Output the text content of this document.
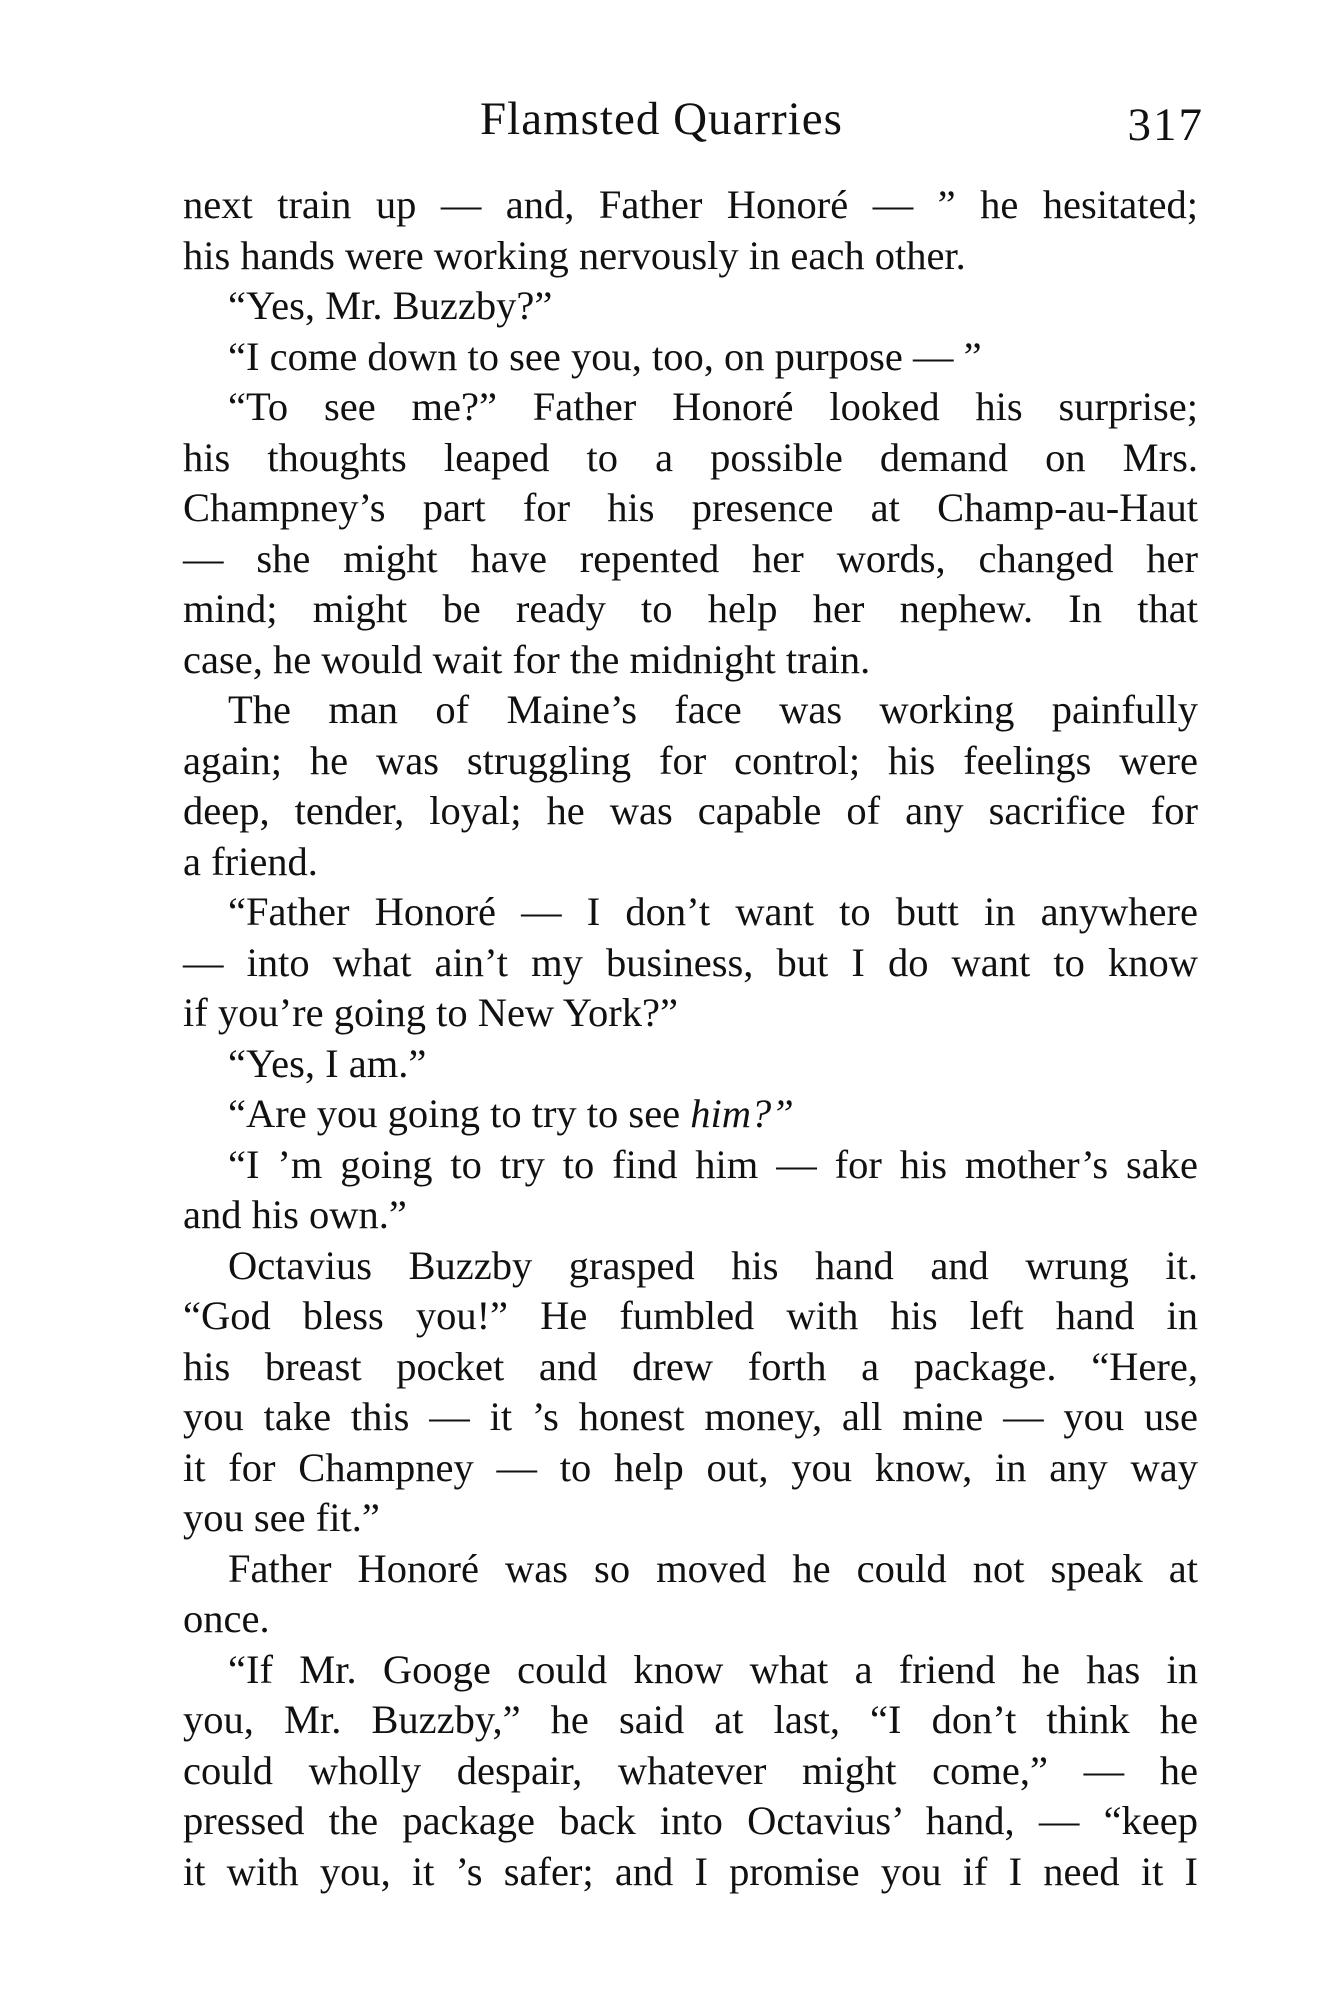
Flamsted Quarries	317
next train up — and, Father Honoré — ” he hesitated;
his hands were working nervously in each other.
“Yes, Mr. Buzzby?”
“I come down to see you, too, on purpose — ”
“To see me?” Father Honoré looked his surprise;
his thoughts leaped to a possible demand on Mrs.
Champney’s part for his presence at Champ-au-Haut
— she might have repented her words, changed her
mind; might be ready to help her nephew. In that
case, he would wait for the midnight train.
The man of Maine’s face was working painfully
again; he was struggling for control; his feelings were
deep, tender, loyal; he was capable of any sacrifice for
a friend.
“Father Honoré — I don’t want to butt in anywhere
— into what ain’t my business, but I do want to know
if you’re going to New York?”
“Yes, I am.”
“Are you going to try to see him?”
“I ’m going to try to find him — for his mother’s sake
and his own.”
Octavius Buzzby grasped his hand and wrung it.
“God bless you!” He fumbled with his left hand in
his breast pocket and drew forth a package. “Here,
you take this — it ’s honest money, all mine — you use
it for Champney — to help out, you know, in any way
you see fit.”
Father Honoré was so moved he could not speak at
once.
“If Mr. Googe could know what a friend he has in
you, Mr. Buzzby,” he said at last, “I don’t think he
could wholly despair, whatever might come,” — he
pressed the package back into Octavius’ hand, — “keep
it with you, it ’s safer; and I promise you if I need it I
